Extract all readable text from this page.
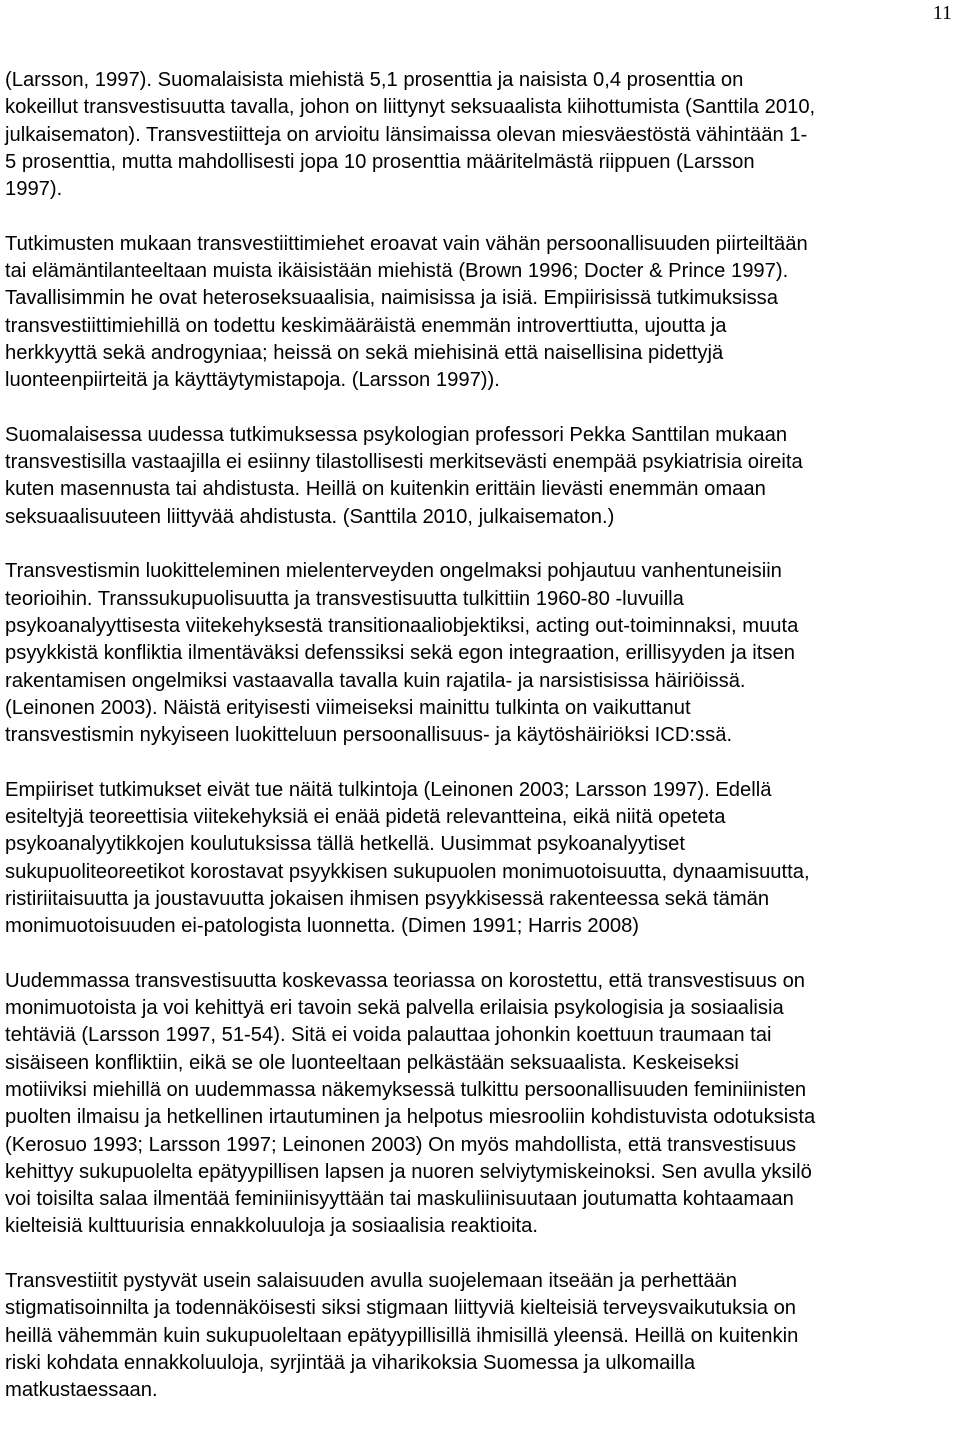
11

(Larsson, 1997). Suomalaisista miehistä 5,1 prosenttia ja naisista 0,4 prosenttia on
kokeillut transvestisuutta tavalla, johon on liittynyt seksuaalista kiihottumista (Santtila 2010,
julkaisematon). Transvestiitteja on arvioitu länsimaissa olevan miesväestöstä vähintään 1-
5 prosenttia, mutta mahdollisesti jopa 10 prosenttia määritelmästä riippuen (Larsson
1997).

Tutkimusten mukaan transvestiittimiehet eroavat vain vähän persoonallisuuden piirteiltään
tai elämäntilanteeltaan muista ikäisistään miehistä (Brown 1996; Docter & Prince 1997).
Tavallisimmin he ovat heteroseksuaalisia, naimisissa ja isiä. Empiirisissä tutkimuksissa
transvestiittimiehillä on todettu keskimääräistä enemmän introverttiutta, ujoutta ja
herkkyyttä sekä androgyniaa; heissä on sekä miehisinä että naisellisina pidettyjä
luonteenpiirteitä ja käyttäytymistapoja. (Larsson 1997)).

Suomalaisessa uudessa tutkimuksessa psykologian professori Pekka Santtilan mukaan
transvestisilla vastaajilla ei esiinny tilastollisesti merkitsevästi enempää psykiatrisia oireita
kuten masennusta tai ahdistusta. Heillä on kuitenkin erittäin lievästi enemmän omaan
seksuaalisuuteen liittyvää ahdistusta. (Santtila 2010, julkaisematon.)

Transvestismin luokitteleminen mielenterveyden ongelmaksi pohjautuu vanhentuneisiin
teorioihin. Transsukupuolisuutta ja transvestisuutta tulkittiin 1960-80 -luvuilla
psykoanalyyttisesta viitekehyksestä transitionaaliobjektiksi, acting out-toiminnaksi, muuta
psyykkistä konfliktia ilmentäväksi defenssiksi sekä egon integraation, erillisyyden ja itsen
rakentamisen ongelmiksi vastaavalla tavalla kuin rajatila- ja narsistisissa häiriöissä.
(Leinonen 2003). Näistä erityisesti viimeiseksi mainittu tulkinta on vaikuttanut
transvestismin nykyiseen luokitteluun persoonallisuus- ja käytöshäiriöksi ICD:ssä.

Empiiriset tutkimukset eivät tue näitä tulkintoja (Leinonen 2003; Larsson 1997). Edellä
esiteltyjä teoreettisia viitekehyksiä ei enää pidetä relevantteina, eikä niitä opeteta
psykoanalyytikkojen koulutuksissa tällä hetkellä. Uusimmat psykoanalyytiset
sukupuoliteoreetikot korostavat psyykkisen sukupuolen monimuotoisuutta, dynaamisuutta,
ristiriitaisuutta ja joustavuutta jokaisen ihmisen psyykkisessä rakenteessa sekä tämän
monimuotoisuuden ei-patologista luonnetta. (Dimen 1991; Harris 2008)

Uudemmassa transvestisuutta koskevassa teoriassa on korostettu, että transvestisuus on
monimuotoista ja voi kehittyä eri tavoin sekä palvella erilaisia psykologisia ja sosiaalisia
tehtäviä (Larsson 1997, 51-54). Sitä ei voida palauttaa johonkin koettuun traumaan tai
sisäiseen konfliktiin, eikä se ole luonteeltaan pelkästään seksuaalista. Keskeiseksi
motiiviksi miehillä on uudemmassa näkemyksessä tulkittu persoonallisuuden feminiinisten
puolten ilmaisu ja hetkellinen irtautuminen ja helpotus miesrooliin kohdistuvista odotuksista
(Kerosuo 1993; Larsson 1997; Leinonen 2003) On myös mahdollista, että transvestisuus
kehittyy sukupuolelta epätyypillisen lapsen ja nuoren selviytymiskeinoksi. Sen avulla yksilö
voi toisilta salaa ilmentää feminiinisyyttään tai maskuliinisuutaan joutumatta kohtaamaan
kielteisiä kulttuurisia ennakkoluuloja ja sosiaalisia reaktioita.

Transvestiitit pystyvät usein salaisuuden avulla suojelemaan itseään ja perhettään
stigmatisoinnilta ja todennäköisesti siksi stigmaan liittyviä kielteisiä terveysvaikutuksia on
heillä vähemmän kuin sukupuoleltaan epätyypillisillä ihmisillä yleensä. Heillä on kuitenkin
riski kohdata ennakkoluuloja, syrjintää ja viharikoksia Suomessa ja ulkomailla
matkustaessaan.
